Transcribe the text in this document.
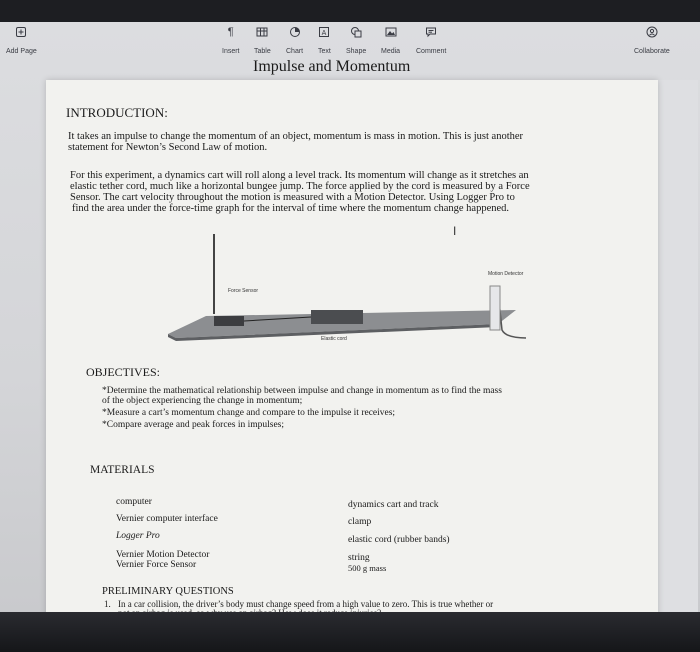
Add Page
¶
Insert Table Chart
A
Text Shape Media Comment	Collaborate
Impulse and Momentum
INTRODUCTION:
It takes an impulse to change the momentum of an object, momentum is mass in motion. This is just another
statement for Newton’s Second Law of motion.
For this experiment, a dynamics cart will roll along a level track. Its momentum will change as it stretches an
elastic tether cord, much like a horizontal bungee jump. The force applied by the cord is measured by a Force
Sensor. The cart velocity throughout the motion is measured with a Motion Detector. Using Logger Pro to
find the area under the force-time graph for the interval of time where the momentum change happened.
I
Force Sensor
Motion Detector
Elastic cord
OBJECTIVES:
*Determine the mathematical relationship between impulse and change in momentum as to find the mass
of the object experiencing the change in momentum;
*Measure a cart’s momentum change and compare to the impulse it receives;
*Compare average and peak forces in impulses;
MATERIALS
computer
Vernier computer interface
Logger Pro
Vernier Motion Detector
Vernier Force Sensor
dynamics cart and track
clamp
elastic cord (rubber bands)
string
500 g mass
PRELIMINARY QUESTIONS
1. In a car collision, the driver’s body must change speed from a high value to zero. This is true whether or
